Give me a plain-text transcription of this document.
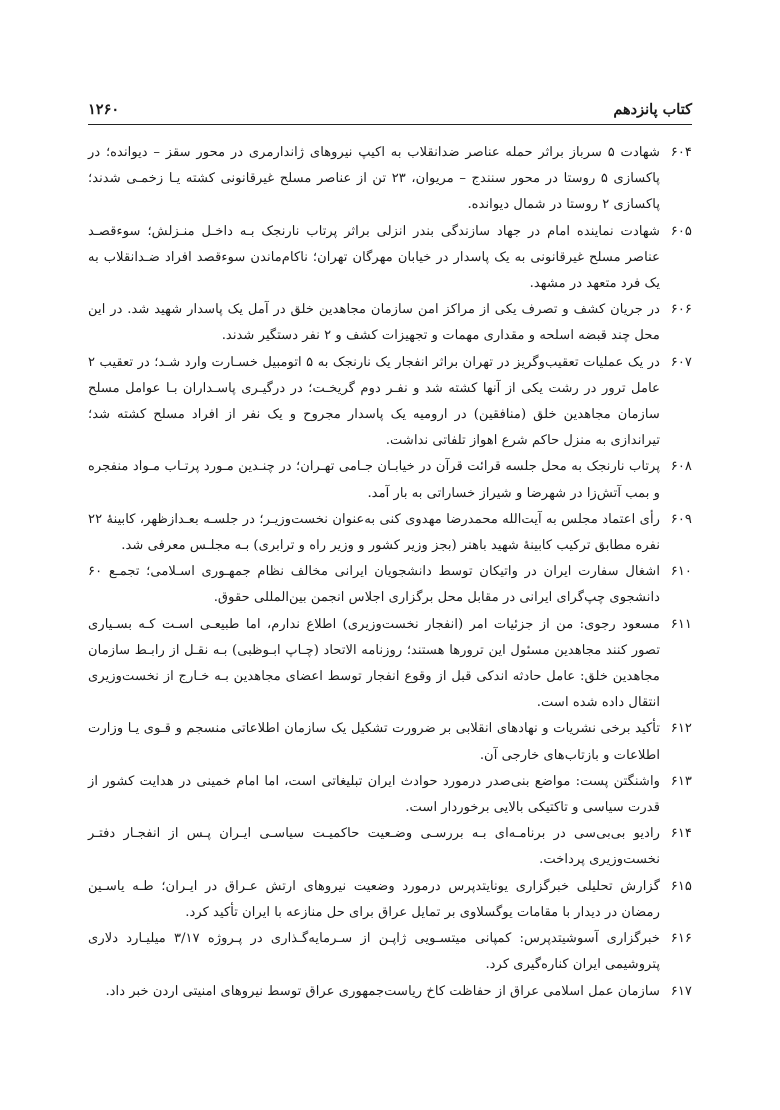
کتاب پانزدهم
۱۲۶۰
۶۰۴
شهادت ۵ سرباز براثر حمله عناصر ضدانقلاب به اکیپ نیروهای ژاندارمری در محور سقز – دیوانده؛ در پاکسازی ۵ روستا در محور سنندج – مریوان، ۲۳ تن از عناصر مسلح غیرقانونی کشته یـا زخمـی شدند؛ پاکسازی ۲ روستا در شمال دیوانده.
۶۰۵
شهادت نماینده امام در جهاد سازندگی بندر انزلی براثر پرتاب نارنجک بـه داخـل منـزلش؛ سوءقصـد عناصر مسلح غیرقانونی به یک پاسدار در خیابان مهرگان تهران؛ ناکام‌ماندن سوءقصد افراد ضـدانقلاب به یک فرد متعهد در مشهد.
۶۰۶
در جریان کشف و تصرف یکی از مراکز امن سازمان مجاهدین خلق در آمل یک پاسدار شهید شد. در این محل چند قبضه اسلحه و مقداری مهمات و تجهیزات کشف و ۲ نفر دستگیر شدند.
۶۰۷
در یک عملیات تعقیب‌وگریز در تهران براثر انفجار یک نارنجک به ۵ اتومبیل خسـارت وارد شـد؛ در تعقیب ۲ عامل ترور در رشت یکی از آنها کشته شد و نفـر دوم گریخـت؛ در درگیـری پاسـداران بـا عوامل مسلح سازمان مجاهدین خلق (منافقین) در ارومیه یک پاسدار مجروح و یک نفر از افراد مسلح کشته شد؛ تیراندازی به منزل حاکم شرع اهواز تلفاتی نداشت.
۶۰۸
پرتاب نارنجک به محل جلسه قرائت قرآن در خیابـان جـامی تهـران؛ در چنـدین مـورد پرتـاب مـواد منفجره و بمب آتش‌زا در شهرضا و شیراز خساراتی به بار آمد.
۶۰۹
رأی اعتماد مجلس به آیت‌الله محمدرضا مهدوی کنی به‌عنوان نخست‌وزیـر؛ در جلسـه بعـدازظهر، کابینهٔ ۲۲ نفره مطابق ترکیب کابینهٔ شهید باهنر (بجز وزیر کشور و وزیر راه و ترابری) بـه مجلـس معرفی شد.
۶۱۰
اشغال سفارت ایران در واتیکان توسط دانشجویان ایرانی مخالف نظام جمهـوری اسـلامی؛ تجمـع ۶۰ دانشجوی چپ‌گرای ایرانی در مقابل محل برگزاری اجلاس انجمن بین‌المللی حقوق.
۶۱۱
مسعود رجوی: من از جزئیات امر (انفجار نخست‌وزیری) اطلاع ندارم، اما طبیعـی اسـت کـه بسـیاری تصور کنند مجاهدین مسئول این ترورها هستند؛ روزنامه الاتحاد (چـاپ ابـوظبی) بـه نقـل از رابـط سازمان مجاهدین خلق: عامل حادثه اندکی قبل از وقوع انفجار توسط اعضای مجاهدین بـه خـارج از نخست‌وزیری انتقال داده شده است.
۶۱۲
تأکید برخی نشریات و نهادهای انقلابی بر ضرورت تشکیل یک سازمان اطلاعاتی منسجم و قـوی یـا وزارت اطلاعات و بازتاب‌های خارجی آن.
۶۱۳
واشنگتن پست: مواضع بنی‌صدر درمورد حوادث ایران تبلیغاتی است، اما امام خمینی در هدایت کشور از قدرت سیاسی و تاکتیکی بالایی برخوردار است.
۶۱۴
رادیو بی‌بی‌سی در برنامـه‌ای بـه بررسـی وضـعیت حاکمیـت سیاسـی ایـران پـس از انفجـار دفتـر نخست‌وزیری پرداخت.
۶۱۵
گزارش تحلیلی خبرگزاری یونایتدپرس درمورد وضعیت نیروهای ارتش عـراق در ایـران؛ طـه یاسـین رمضان در دیدار با مقامات یوگسلاوی بر تمایل عراق برای حل منازعه با ایران تأکید کرد.
۶۱۶
خبرگزاری آسوشیتدپرس: کمپانی میتسـویی ژاپـن از سـرمایه‌گـذاری در پـروژه ۳/۱۷ میلیـارد دلاری پتروشیمی ایران کناره‌گیری کرد.
۶۱۷
سازمان عمل اسلامی عراق از حفاظت کاخ ریاست‌جمهوری عراق توسط نیروهای امنیتی اردن خبر داد.
